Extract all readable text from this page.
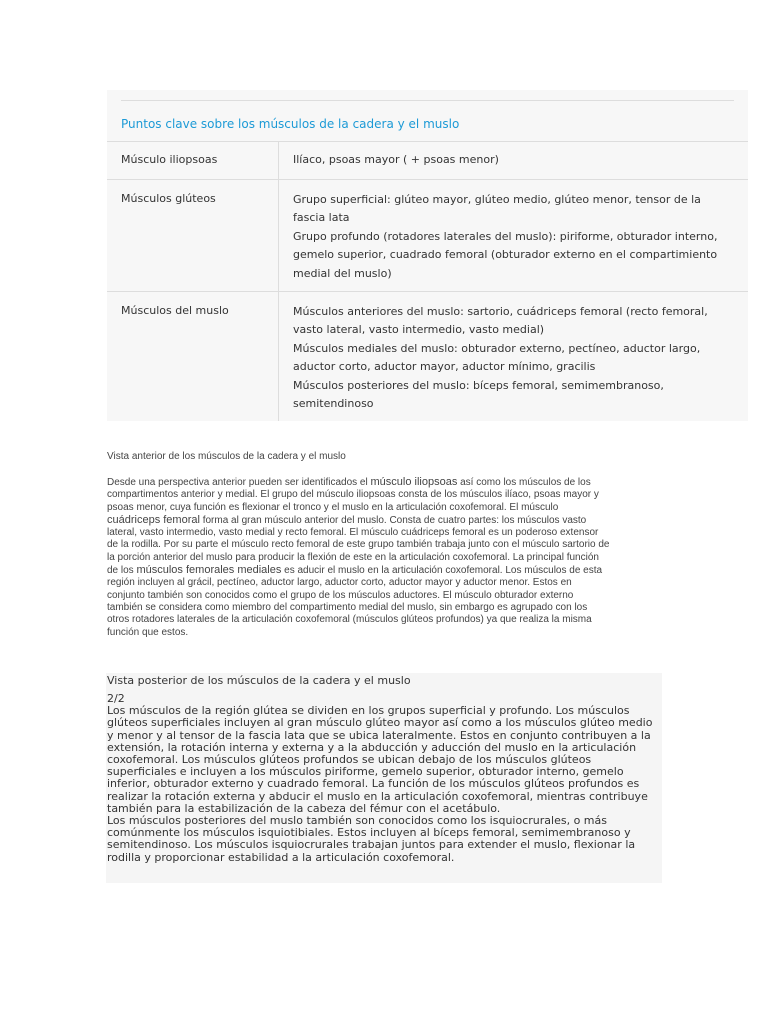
Puntos clave sobre los músculos de la cadera y el muslo
Músculo iliopsoas	Ilíaco, psoas mayor ( + psoas menor)
Músculos glúteos	Grupo superficial: glúteo mayor, glúteo medio, glúteo menor, tensor de la
fascia lata
Grupo profundo (rotadores laterales del muslo): piriforme, obturador interno,
gemelo superior, cuadrado femoral (obturador externo en el compartimiento
medial del muslo)
Músculos del muslo	Músculos anteriores del muslo: sartorio, cuádriceps femoral (recto femoral,
vasto lateral, vasto intermedio, vasto medial)
Músculos mediales del muslo: obturador externo, pectíneo, aductor largo,
aductor corto, aductor mayor, aductor mínimo, gracilis
Músculos posteriores del muslo: bíceps femoral, semimembranoso,
semitendinoso
Vista anterior de los músculos de la cadera y el muslo
Desde una perspectiva anterior pueden ser identificados el músculo iliopsoas así como los músculos de los
compartimentos anterior y medial. El grupo del músculo iliopsoas consta de los músculos ilíaco, psoas mayor y
psoas menor, cuya función es flexionar el tronco y el muslo en la articulación coxofemoral. El músculo
cuádriceps femoral forma al gran músculo anterior del muslo. Consta de cuatro partes: los músculos vasto
lateral, vasto intermedio, vasto medial y recto femoral. El músculo cuádriceps femoral es un poderoso extensor
de la rodilla. Por su parte el músculo recto femoral de este grupo también trabaja junto con el músculo sartorio de
la porción anterior del muslo para producir la flexión de este en la articulación coxofemoral. La principal función
de los músculos femorales mediales es aducir el muslo en la articulación coxofemoral. Los músculos de esta
región incluyen al grácil, pectíneo, aductor largo, aductor corto, aductor mayor y aductor menor. Estos en
conjunto también son conocidos como el grupo de los músculos aductores. El músculo obturador externo
también se considera como miembro del compartimento medial del muslo, sin embargo es agrupado con los
otros rotadores laterales de la articulación coxofemoral (músculos glúteos profundos) ya que realiza la misma
función que estos.
Vista posterior de los músculos de la cadera y el muslo
2/2
Los músculos de la región glútea se dividen en los grupos superficial y profundo. Los músculos
glúteos superficiales incluyen al gran músculo glúteo mayor así como a los músculos glúteo medio
y menor y al tensor de la fascia lata que se ubica lateralmente. Estos en conjunto contribuyen a la
extensión, la rotación interna y externa y a la abducción y aducción del muslo en la articulación
coxofemoral. Los músculos glúteos profundos se ubican debajo de los músculos glúteos
superficiales e incluyen a los músculos piriforme, gemelo superior, obturador interno, gemelo
inferior, obturador externo y cuadrado femoral. La función de los músculos glúteos profundos es
realizar la rotación externa y abducir el muslo en la articulación coxofemoral, mientras contribuye
también para la estabilización de la cabeza del fémur con el acetábulo.
Los músculos posteriores del muslo también son conocidos como los isquiocrurales, o más
comúnmente los músculos isquiotibiales. Estos incluyen al bíceps femoral, semimembranoso y
semitendinoso. Los músculos isquiocrurales trabajan juntos para extender el muslo, flexionar la
rodilla y proporcionar estabilidad a la articulación coxofemoral.
